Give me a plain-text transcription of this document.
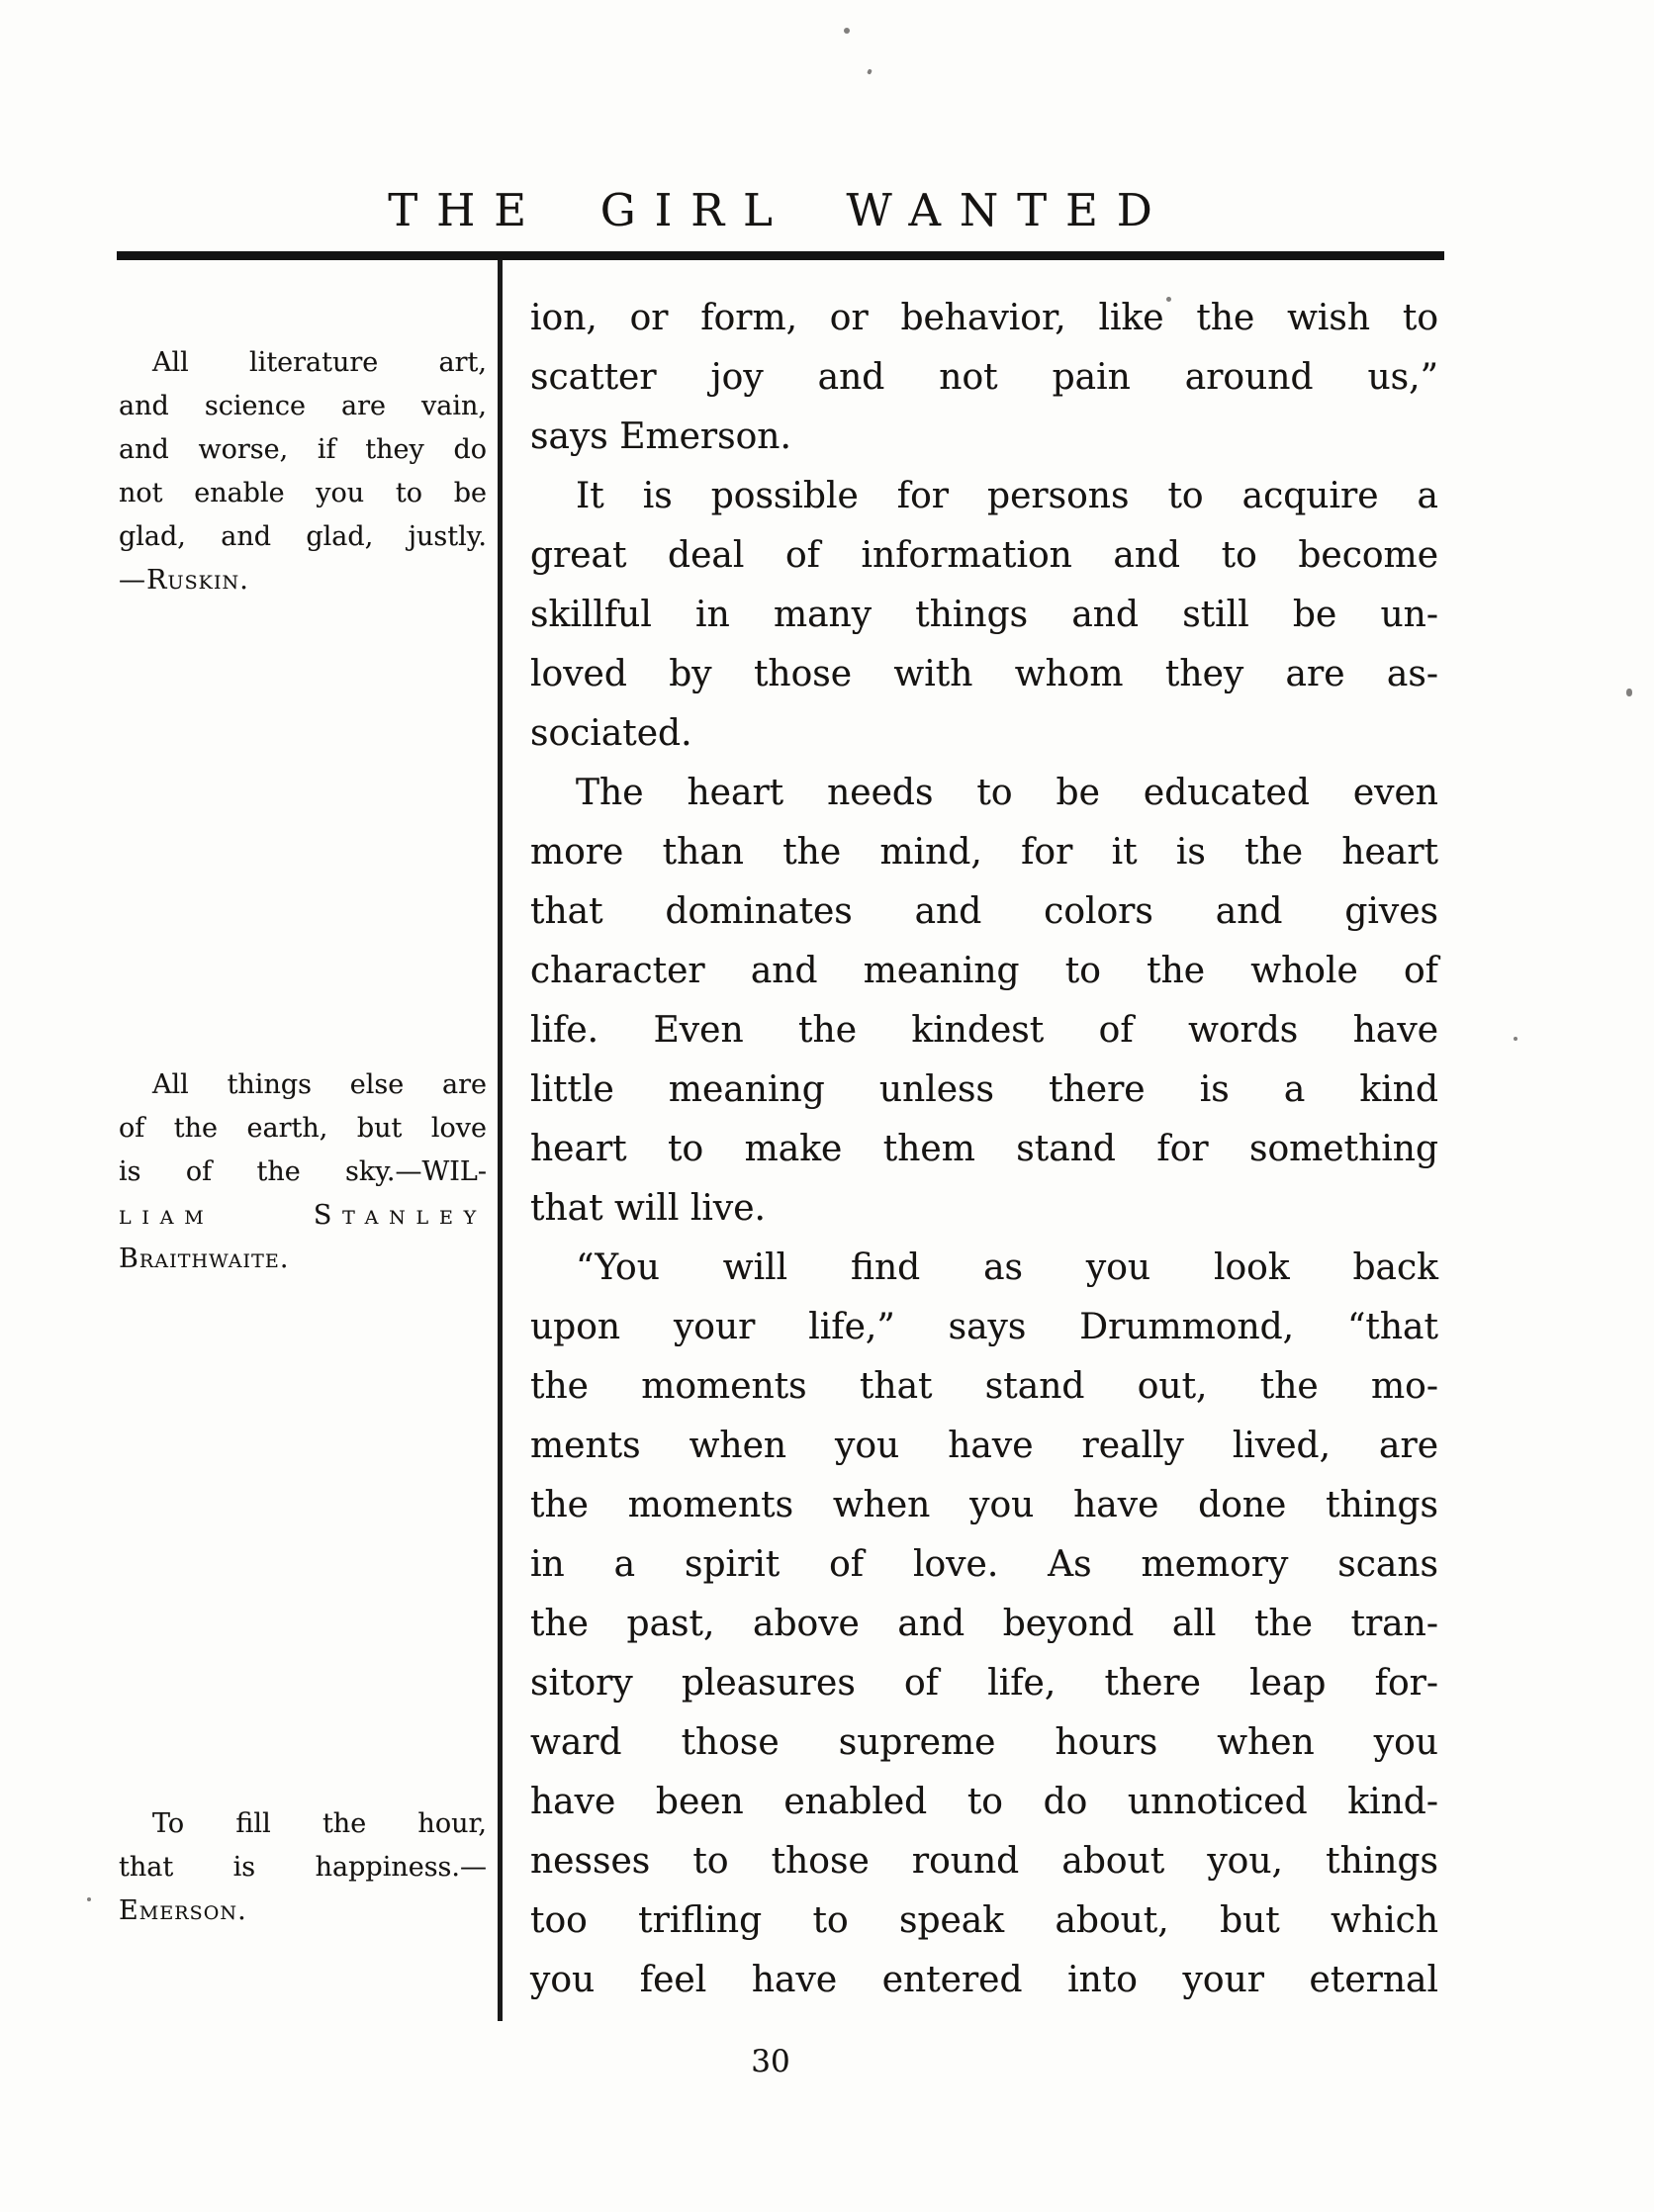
THE GIRL WANTED
All literature art,
and science are vain,
and worse, if they do
not enable you to be
glad, and glad, justly.
—Ruskin.
All things else are
of the earth, but love
is of the sky.—WIL-
liam Stanley
Braithwaite.
To fill the hour,
that is happiness.—
Emerson.
ion, or form, or behavior, like the wish to
scatter joy and not pain around us,”
says Emerson.
It is possible for persons to acquire a
great deal of information and to become
skillful in many things and still be un-
loved by those with whom they are as-
sociated.
The heart needs to be educated even
more than the mind, for it is the heart
that dominates and colors and gives
character and meaning to the whole of
life. Even the kindest of words have
little meaning unless there is a kind
heart to make them stand for something
that will live.
“You will find as you look back
upon your life,” says Drummond, “that
the moments that stand out, the mo-
ments when you have really lived, are
the moments when you have done things
in a spirit of love. As memory scans
the past, above and beyond all the tran-
sitory pleasures of life, there leap for-
ward those supreme hours when you
have been enabled to do unnoticed kind-
nesses to those round about you, things
too trifling to speak about, but which
you feel have entered into your eternal
30
